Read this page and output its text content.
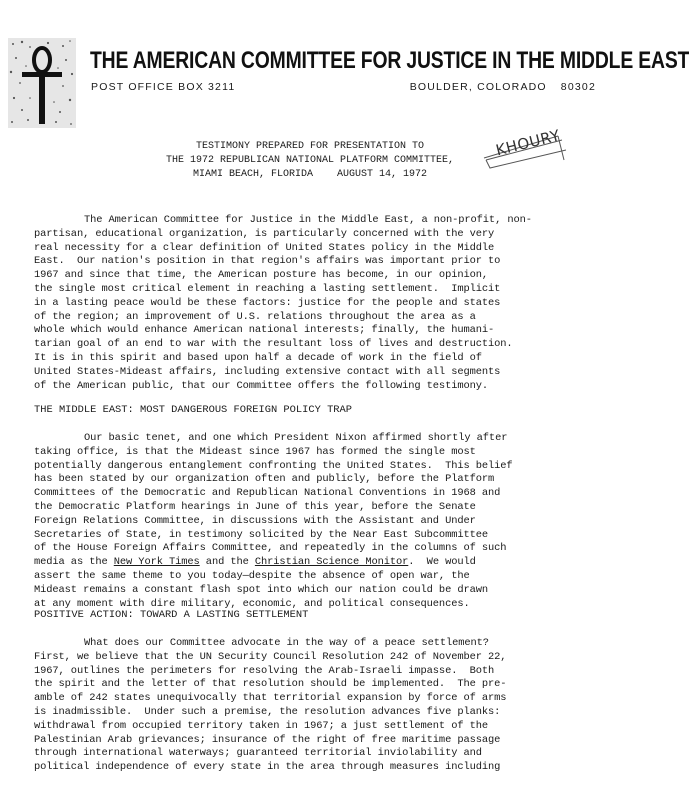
THE AMERICAN COMMITTEE FOR JUSTICE IN THE MIDDLE EAST
POST OFFICE BOX 3211	BOULDER, COLORADO 80302
TESTIMONY PREPARED FOR PRESENTATION TO
THE 1972 REPUBLICAN NATIONAL PLATFORM COMMITTEE,
MIAMI BEACH, FLORIDA    AUGUST 14, 1972
KHOURY
The American Committee for Justice in the Middle East, a non-profit, non-
partisan, educational organization, is particularly concerned with the very
real necessity for a clear definition of United States policy in the Middle
East.  Our nation's position in that region's affairs was important prior to
1967 and since that time, the American posture has become, in our opinion,
the single most critical element in reaching a lasting settlement.  Implicit
in a lasting peace would be these factors: justice for the people and states
of the region; an improvement of U.S. relations throughout the area as a
whole which would enhance American national interests; finally, the humani-
tarian goal of an end to war with the resultant loss of lives and destruction.
It is in this spirit and based upon half a decade of work in the field of
United States-Mideast affairs, including extensive contact with all segments
of the American public, that our Committee offers the following testimony.
THE MIDDLE EAST: MOST DANGEROUS FOREIGN POLICY TRAP
Our basic tenet, and one which President Nixon affirmed shortly after
taking office, is that the Mideast since 1967 has formed the single most
potentially dangerous entanglement confronting the United States.  This belief
has been stated by our organization often and publicly, before the Platform
Committees of the Democratic and Republican National Conventions in 1968 and
the Democratic Platform hearings in June of this year, before the Senate
Foreign Relations Committee, in discussions with the Assistant and Under
Secretaries of State, in testimony solicited by the Near East Subcommittee
of the House Foreign Affairs Committee, and repeatedly in the columns of such
media as the New York Times and the Christian Science Monitor.  We would
assert the same theme to you today—despite the absence of open war, the
Mideast remains a constant flash spot into which our nation could be drawn
at any moment with dire military, economic, and political consequences.
POSITIVE ACTION: TOWARD A LASTING SETTLEMENT
What does our Committee advocate in the way of a peace settlement?
First, we believe that the UN Security Council Resolution 242 of November 22,
1967, outlines the perimeters for resolving the Arab-Israeli impasse.  Both
the spirit and the letter of that resolution should be implemented.  The pre-
amble of 242 states unequivocally that territorial expansion by force of arms
is inadmissible.  Under such a premise, the resolution advances five planks:
withdrawal from occupied territory taken in 1967; a just settlement of the
Palestinian Arab grievances; insurance of the right of free maritime passage
through international waterways; guaranteed territorial inviolability and
political independence of every state in the area through measures including
